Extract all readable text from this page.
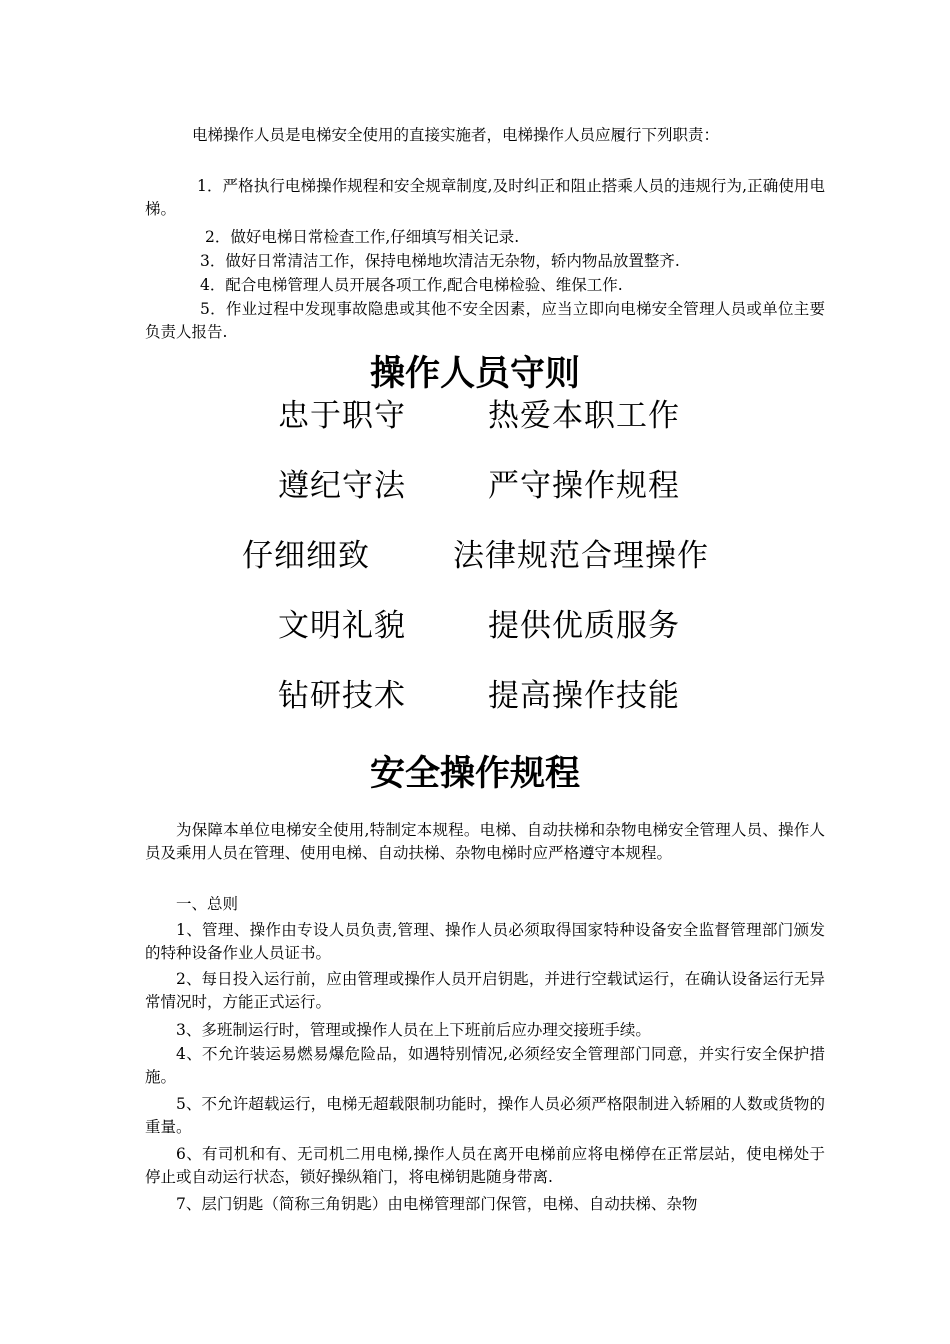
电梯操作人员是电梯安全使用的直接实施者，电梯操作人员应履行下列职责：
1．严格执行电梯操作规程和安全规章制度,及时纠正和阻止搭乘人员的违规行为,正确使用电梯。
2．做好电梯日常检查工作,仔细填写相关记录.
3．做好日常清洁工作，保持电梯地坎清洁无杂物，轿内物品放置整齐.
4．配合电梯管理人员开展各项工作,配合电梯检验、维保工作.
5．作业过程中发现事故隐患或其他不安全因素，应当立即向电梯安全管理人员或单位主要负责人报告.
操作人员守则
忠于职守	热爱本职工作
遵纪守法	严守操作规程
仔细细致	法律规范合理操作
文明礼貌	提供优质服务
钻研技术	提高操作技能
安全操作规程
为保障本单位电梯安全使用,特制定本规程。电梯、自动扶梯和杂物电梯安全管理人员、操作人员及乘用人员在管理、使用电梯、自动扶梯、杂物电梯时应严格遵守本规程。
一、总则
1、管理、操作由专设人员负责,管理、操作人员必须取得国家特种设备安全监督管理部门颁发的特种设备作业人员证书。
2、每日投入运行前，应由管理或操作人员开启钥匙，并进行空载试运行，在确认设备运行无异常情况时，方能正式运行。
3、多班制运行时，管理或操作人员在上下班前后应办理交接班手续。
4、不允许装运易燃易爆危险品，如遇特别情况,必须经安全管理部门同意，并实行安全保护措施。
5、不允许超载运行，电梯无超载限制功能时，操作人员必须严格限制进入轿厢的人数或货物的重量。
6、有司机和有、无司机二用电梯,操作人员在离开电梯前应将电梯停在正常层站，使电梯处于停止或自动运行状态，锁好操纵箱门，将电梯钥匙随身带离.
7、层门钥匙（简称三角钥匙）由电梯管理部门保管，电梯、自动扶梯、杂物
